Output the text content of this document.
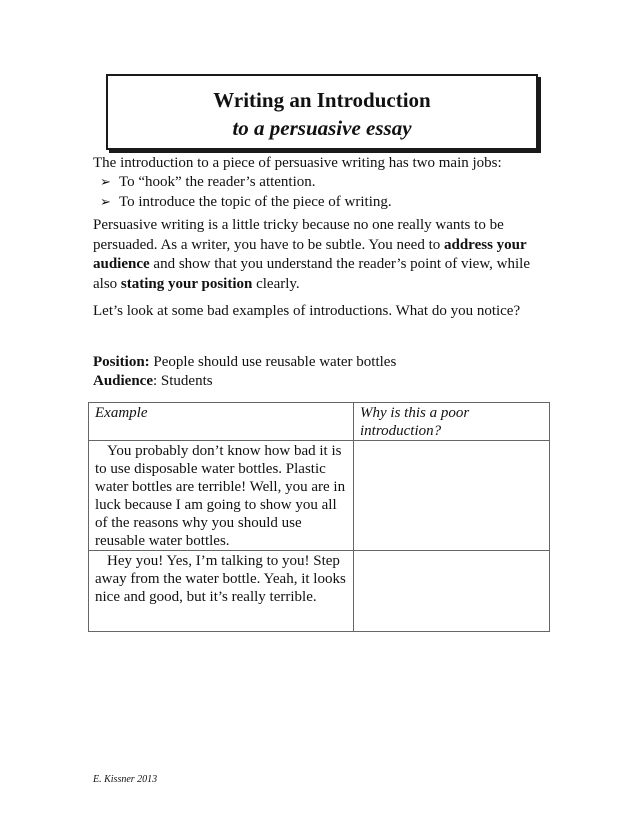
Writing an Introduction
to a persuasive essay
The introduction to a piece of persuasive writing has two main jobs:
➢ To “hook” the reader’s attention.
➢ To introduce the topic of the piece of writing.
Persuasive writing is a little tricky because no one really wants to be persuaded. As a writer, you have to be subtle. You need to address your audience and show that you understand the reader’s point of view, while also stating your position clearly.
Let’s look at some bad examples of introductions. What do you notice?
Position: People should use reusable water bottles
Audience: Students
Example	Why is this a poor introduction?
You probably don’t know how bad it is to use disposable water bottles. Plastic water bottles are terrible! Well, you are in luck because I am going to show you all of the reasons why you should use reusable water bottles.	
Hey you! Yes, I’m talking to you! Step away from the water bottle. Yeah, it looks nice and good, but it’s really terrible.	
E. Kissner 2013
